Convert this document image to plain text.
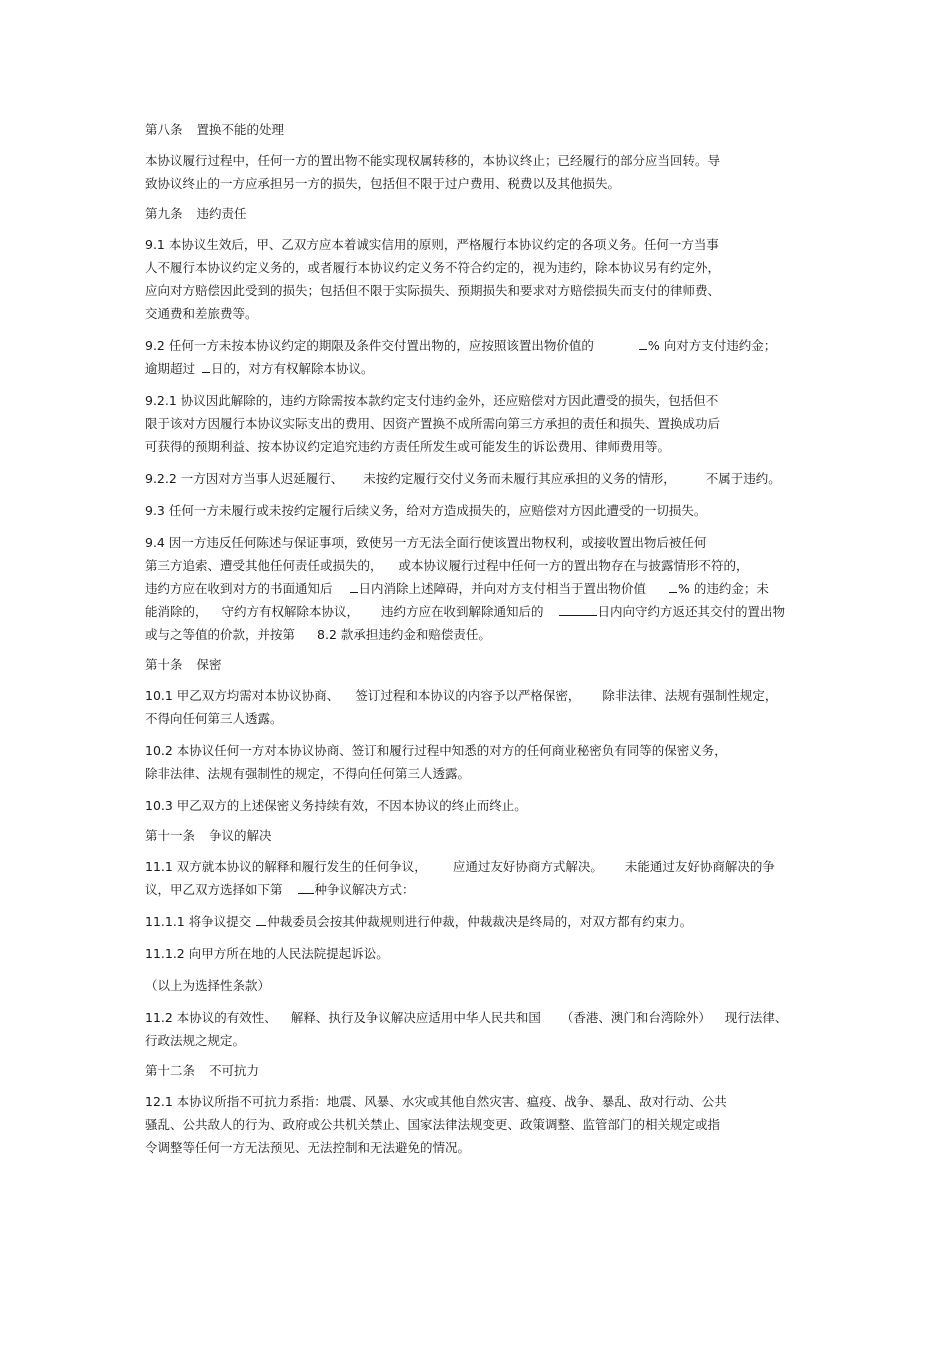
第八条 置换不能的处理
本协议履行过程中，任何一方的置出物不能实现权属转移的，本协议终止；已经履行的部分应当回转。导
致协议终止的一方应承担另一方的损失，包括但不限于过户费用、税费以及其他损失。
第九条 违约责任
9.1 本协议生效后，甲、乙双方应本着诚实信用的原则，严格履行本协议约定的各项义务。任何一方当事
人不履行本协议约定义务的，或者履行本协议约定义务不符合约定的，视为违约，除本协议另有约定外，
应向对方赔偿因此受到的损失；包括但不限于实际损失、预期损失和要求对方赔偿损失而支付的律师费、
交通费和差旅费等。
9.2 任何一方未按本协议约定的期限及条件交付置出物的，应按照该置出物价值的	% 向对方支付违约金；
逾期超过 日的，对方有权解除本协议。
9.2.1 协议因此解除的，违约方除需按本款约定支付违约金外，还应赔偿对方因此遭受的损失，包括但不
限于该对方因履行本协议实际支出的费用、因资产置换不成所需向第三方承担的责任和损失、置换成功后
可获得的预期利益、按本协议约定追究违约方责任所发生或可能发生的诉讼费用、律师费用等。
9.2.2 一方因对方当事人迟延履行、 未按约定履行交付义务而未履行其应承担的义务的情形， 不属于违约。
9.3 任何一方未履行或未按约定履行后续义务，给对方造成损失的，应赔偿对方因此遭受的一切损失。
9.4 因一方违反任何陈述与保证事项，致使另一方无法全面行使该置出物权利，或接收置出物后被任何
第三方追索、遭受其他任何责任或损失的， 或本协议履行过程中任何一方的置出物存在与披露情形不符的，
违约方应在收到对方的书面通知后 日内消除上述障碍，并向对方支付相当于置出物价值	% 的违约金；未
能消除的， 守约方有权解除本协议， 违约方应在收到解除通知后的	日内向守约方返还其交付的置出物
或与之等值的价款，并按第 8.2 款承担违约金和赔偿责任。
第十条 保密
10.1 甲乙双方均需对本协议协商、 签订过程和本协议的内容予以严格保密， 除非法律、法规有强制性规定，
不得向任何第三人透露。
10.2 本协议任何一方对本协议协商、签订和履行过程中知悉的对方的任何商业秘密负有同等的保密义务，
除非法律、法规有强制性的规定，不得向任何第三人透露。
10.3 甲乙双方的上述保密义务持续有效，不因本协议的终止而终止。
第十一条 争议的解决
11.1 双方就本协议的解释和履行发生的任何争议， 应通过友好协商方式解决。 未能通过友好协商解决的争
议，甲乙双方选择如下第	种争议解决方式：
11.1.1 将争议提交 仲裁委员会按其仲裁规则进行仲裁，仲裁裁决是终局的，对双方都有约束力。
11.1.2 向甲方所在地的人民法院提起诉讼。
（以上为选择性条款）
11.2 本协议的有效性、 解释、执行及争议解决应适用中华人民共和国 （香港、澳门和台湾除外） 现行法律、
行政法规之规定。
第十二条 不可抗力
12.1 本协议所指不可抗力系指：地震、风暴、水灾或其他自然灾害、瘟疫、战争、暴乱、敌对行动、公共
骚乱、公共敌人的行为、政府或公共机关禁止、国家法律法规变更、政策调整、监管部门的相关规定或指
令调整等任何一方无法预见、无法控制和无法避免的情况。
